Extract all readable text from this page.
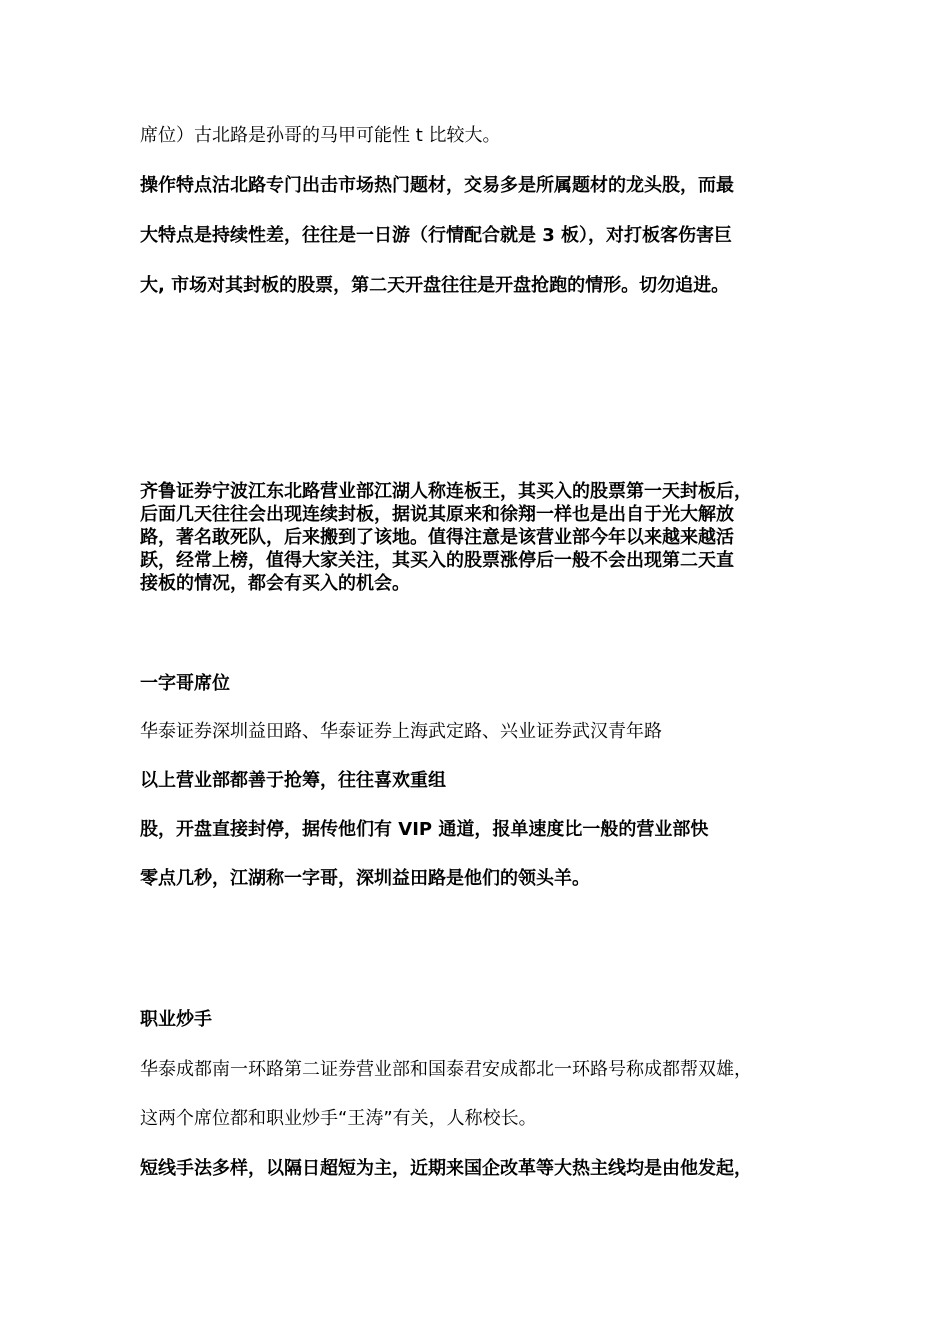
席位）古北路是孙哥的马甲可能性 t 比较大。

操作特点沽北路专门出击市场热门题材，交易多是所属题材的龙头股，而最

大特点是持续性差，往往是一日游（行情配合就是 3 板），对打板客伤害巨

大, 市场对其封板的股票，第二天开盘往往是开盘抢跑的情形。切勿追进。

齐鲁证券宁波江东北路营业部江湖人称连板王，其买入的股票第一天封板后，
后面几天往往会出现连续封板，据说其原来和徐翔一样也是出自于光大解放
路，著名敢死队，后来搬到了该地。值得注意是该营业部今年以来越来越活
跃，经常上榜，值得大家关注，其买入的股票涨停后一般不会出现第二天直
接板的情况，都会有买入的机会。

一字哥席位

华泰证券深圳益田路、华泰证券上海武定路、兴业证券武汉青年路

以上营业部都善于抢筹，往往喜欢重组

股，开盘直接封停，据传他们有 VIP 通道，报单速度比一般的营业部快

零点几秒，江湖称一字哥，深圳益田路是他们的领头羊。

职业炒手

华泰成都南一环路第二证券营业部和国泰君安成都北一环路号称成都帮双雄，

这两个席位都和职业炒手“王涛”有关，人称校长。

短线手法多样，以隔日超短为主，近期来国企改革等大热主线均是由他发起，
